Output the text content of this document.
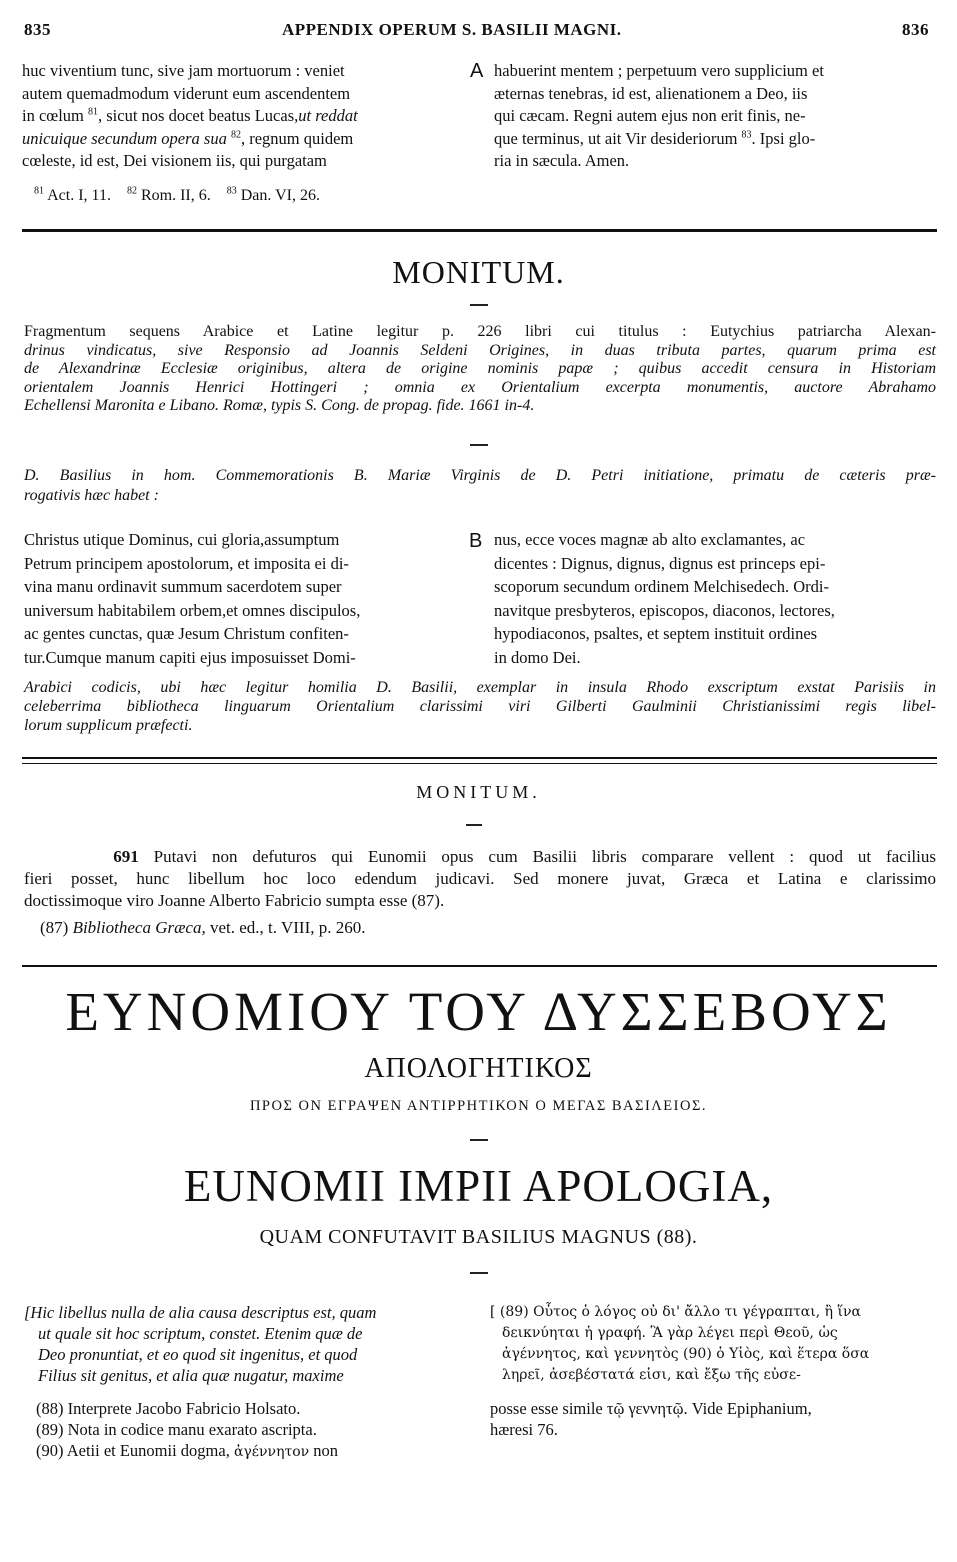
835	APPENDIX OPERUM S. BASILII MAGNI.	836
huc viventium tunc, sive jam mortuorum : veniet
autem quemadmodum viderunt eum ascendentem
in cœlum $^{81}$, sicut nos docet beatus Lucas,ut reddat
unicuique secundum opera sua $^{82}$, regnum quidem
cœleste, id est, Dei visionem iis, qui purgatam
A habuerint mentem ; perpetuum vero supplicium et
æternas tenebras, id est, alienationem a Deo, iis
qui cæcam. Regni autem ejus non erit finis, ne-
que terminus, ut ait Vir desideriorum $^{83}$. Ipsi glo-
ria in sæcula. Amen.
$^{81}$ Act. I, 11. $^{82}$ Rom. II, 6. $^{83}$ Dan. VI, 26.
MONITUM.
Fragmentum sequens Arabice et Latine legitur p. 226 libri cui titulus : Eutychius patriarcha Alexan-
drinus vindicatus, sive Responsio ad Joannis Seldeni Origines, in duas tributa partes, quarum prima est
de Alexandrinæ Ecclesiæ originibus, altera de origine nominis papæ ; quibus accedit censura in Historiam
orientalem Joannis Henrici Hottingeri ; omnia ex Orientalium excerpta monumentis, auctore Abrahamo
Echellensi Maronita e Libano. Romæ, typis S. Cong. de propag. fide. 1661 in-4.
D. Basilius in hom. Commemorationis B. Mariæ Virginis de D. Petri initiatione, primatu de cæteris præ-
rogativis hæc habet :
Christus utique Dominus, cui gloria,assumptum
Petrum principem apostolorum, et imposita ei di-
vina manu ordinavit summum sacerdotem super
universum habitabilem orbem,et omnes discipulos,
ac gentes cunctas, quæ Jesum Christum confiten-
tur.Cumque manum capiti ejus imposuisset Domi-
B nus, ecce voces magnæ ab alto exclamantes, ac
dicentes : Dignus, dignus, dignus est princeps epi-
scoporum secundum ordinem Melchisedech. Ordi-
navitque presbyteros, episcopos, diaconos, lectores,
hypodiaconos, psaltes, et septem instituit ordines
in domo Dei.
Arabici codicis, ubi hæc legitur homilia D. Basilii, exemplar in insula Rhodo exscriptum exstat Parisiis in
celeberrima bibliotheca linguarum Orientalium clarissimi viri Gilberti Gaulminii Christianissimi regis libel-
lorum supplicum præfecti.
MONITUM.
691 Putavi non defuturos qui Eunomii opus cum Basilii libris comparare vellent : quod ut facilius
fieri posset, hunc libellum hoc loco edendum judicavi. Sed monere juvat, Græca et Latina e clarissimo
doctissimoque viro Joanne Alberto Fabricio sumpta esse (87).
(87) Bibliotheca Græca, vet. ed., t. VIII, p. 260.
ΕΥΝΟΜΙΟΥ ΤΟΥ ΔΥΣΣΕΒΟΥΣ
ΑΠΟΛΟΓΗΤΙΚΟΣ
ΠΡΟΣ ΟΝ ΕΓΡΑΨΕΝ ΑΝΤΙΡΡΗΤΙΚΟΝ Ο ΜΕΓΑΣ ΒΑΣΙΛΕΙΟΣ.
EUNOMII IMPII APOLOGIA,
QUAM CONFUTAVIT BASILIUS MAGNUS (88).
[Hic libellus nulla de alia causa descriptus est, quam
ut quale sit hoc scriptum, constet. Etenim quæ de
Deo pronuntiat, et eo quod sit ingenitus, et quod
Filius sit genitus, et alia quæ nugatur, maxime
[ (89) Οὗτος ὁ λόγος οὐ δι' ἄλλο τι γέγραπται, ἢ ἵνα
δεικνύηται ἡ γραφή. Ἃ γὰρ λέγει περὶ Θεοῦ, ὡς
ἀγέννητος, καὶ γεννητὸς (90) ὁ Υἱὸς, καὶ ἕτερα ὅσα
ληρεῖ, ἀσεβέστατά εἰσι, καὶ ἔξω τῆς εὐσε-
(88) Interprete Jacobo Fabricio Holsato.
(89) Nota in codice manu exarato ascripta.
(90) Aetii et Eunomii dogma, ἀγέννητον non
posse esse simile τῷ γεννητῷ. Vide Epiphanium,
hæresi 76.
